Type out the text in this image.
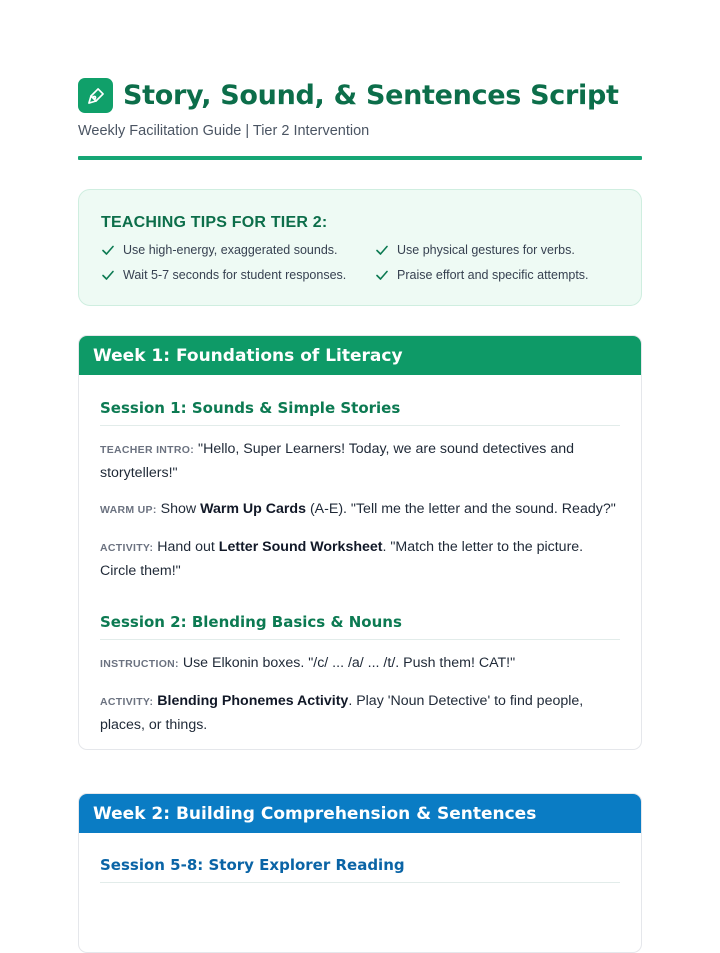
Story, Sound, & Sentences Script
Weekly Facilitation Guide | Tier 2 Intervention
TEACHING TIPS FOR TIER 2:
Use high-energy, exaggerated sounds.	Use physical gestures for verbs.
Wait 5-7 seconds for student responses.	Praise effort and specific attempts.
Week 1: Foundations of Literacy
Session 1: Sounds & Simple Stories
TEACHER INTRO: "Hello, Super Learners! Today, we are sound detectives and storytellers!"
WARM UP: Show Warm Up Cards (A-E). "Tell me the letter and the sound. Ready?"
ACTIVITY: Hand out Letter Sound Worksheet. "Match the letter to the picture. Circle them!"
Session 2: Blending Basics & Nouns
INSTRUCTION: Use Elkonin boxes. "/c/ ... /a/ ... /t/. Push them! CAT!"
ACTIVITY: Blending Phonemes Activity. Play 'Noun Detective' to find people, places, or things.
Week 2: Building Comprehension & Sentences
Session 5-8: Story Explorer Reading
